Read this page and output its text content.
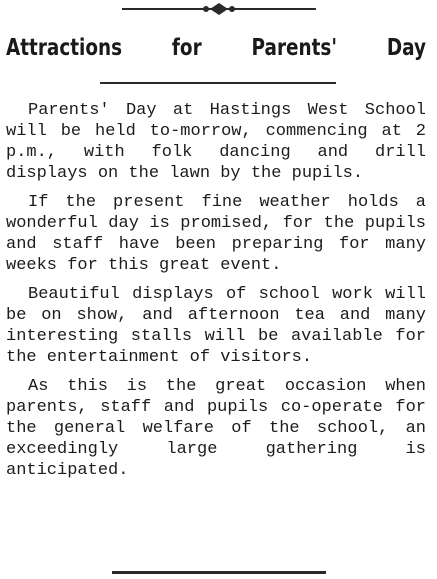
Attractions for Parents' Day

Parents' Day at Hastings West School will be held to-morrow, commencing at 2 p.m., with folk dancing and drill displays on the lawn by the pupils.

If the present fine weather holds a wonderful day is promised, for the pupils and staff have been preparing for many weeks for this great event.

Beautiful displays of school work will be on show, and afternoon tea and many interesting stalls will be available for the entertainment of visitors.

As this is the great occasion when parents, staff and pupils co-operate for the general welfare of the school, an exceedingly large gathering is anticipated.
